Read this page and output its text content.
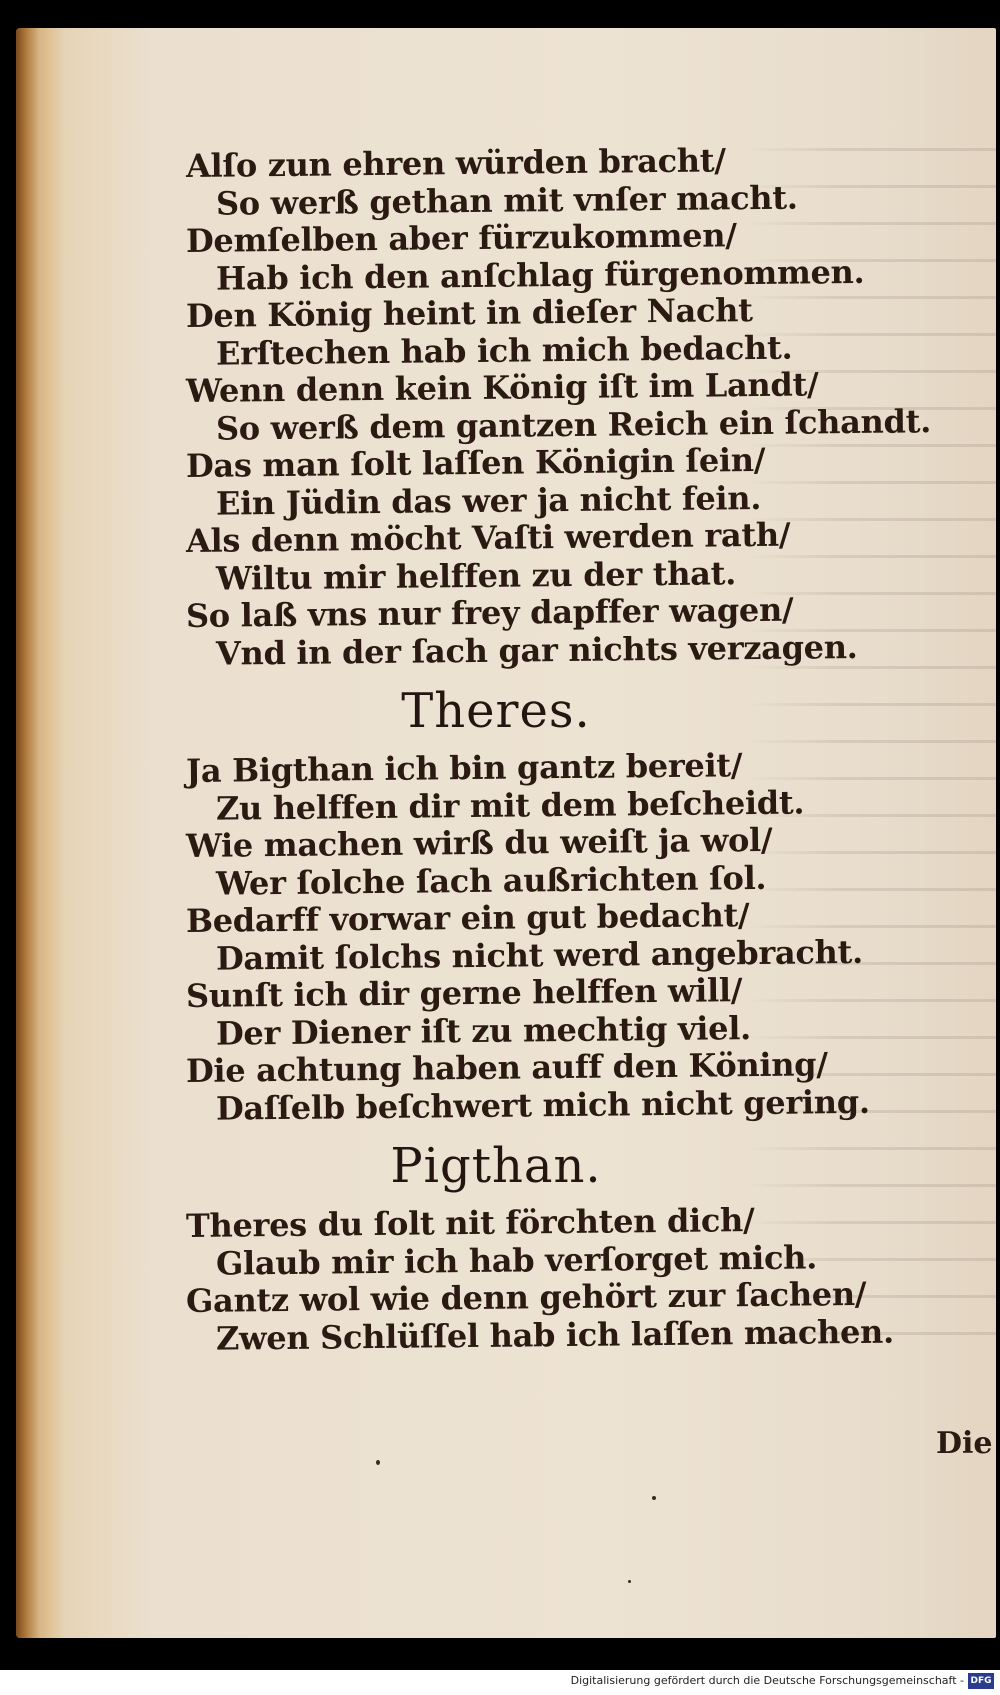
Alſo zun ehren würden bracht/
So werß gethan mit vnſer macht.
Demſelben aber fürzukommen/
Hab ich den anſchlag fürgenommen.
Den König heint in dieſer Nacht
Erſtechen hab ich mich bedacht.
Wenn denn kein König iſt im Landt/
So werß dem gantzen Reich ein ſchandt.
Das man ſolt laſſen Königin ſein/
Ein Jüdin das wer ja nicht fein.
Als denn möcht Vaſti werden rath/
Wiltu mir helffen zu der that.
So laß vns nur frey dapffer wagen/
Vnd in der ſach gar nichts verzagen.
Theres.
Ja Bigthan ich bin gantz bereit/
Zu helffen dir mit dem beſcheidt.
Wie machen wirß du weiſt ja wol/
Wer ſolche ſach außrichten ſol.
Bedarff vorwar ein gut bedacht/
Damit ſolchs nicht werd angebracht.
Sunſt ich dir gerne helffen will/
Der Diener iſt zu mechtig viel.
Die achtung haben auff den Köning/
Daſſelb beſchwert mich nicht gering.
Pigthan.
Theres du ſolt nit förchten dich/
Glaub mir ich hab verſorget mich.
Gantz wol wie denn gehört zur ſachen/
Zwen Schlüſſel hab ich laſſen machen.
Die
Digitalisierung gefördert durch die Deutsche Forschungsgemeinschaft - DFG
